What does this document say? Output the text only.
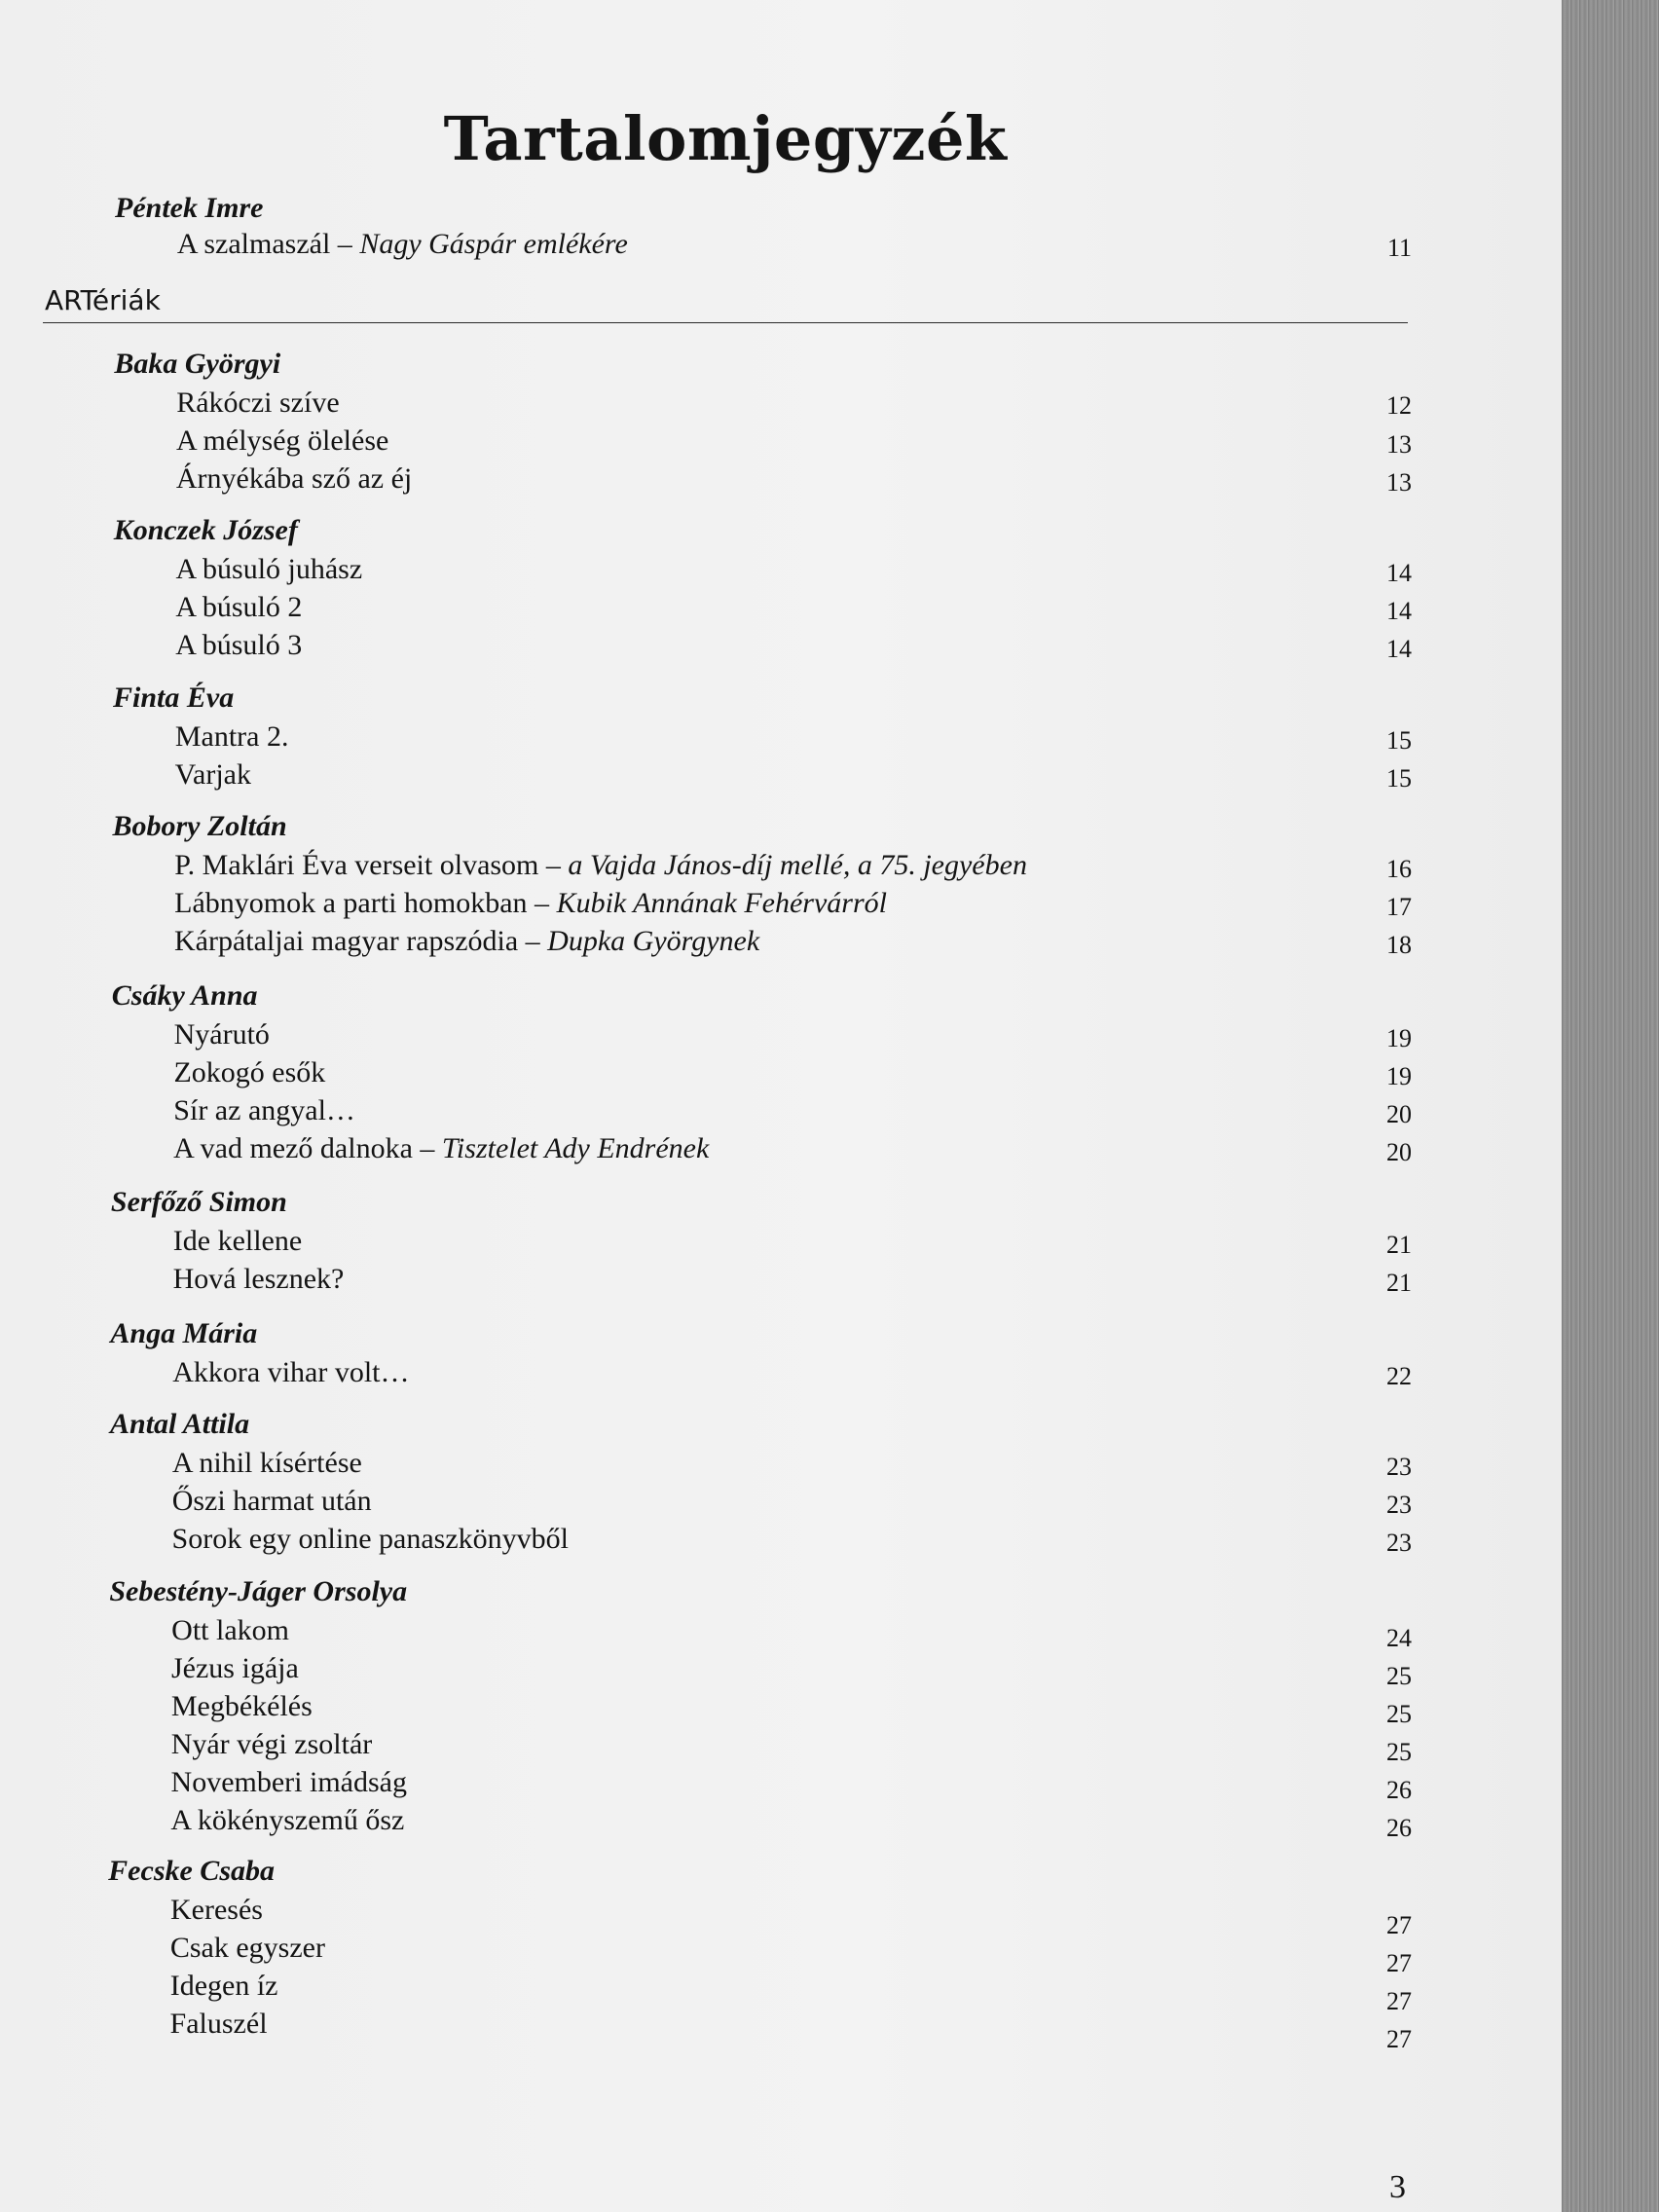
Tartalomjegyzék
ARTériák
Péntek Imre
A szalmaszál – Nagy Gáspár emlékére	11
Baka Györgyi
Rákóczi szíve	12
A mélység ölelése	13
Árnyékába sző az éj	13
Konczek József
A búsuló juhász	14
A búsuló 2	14
A búsuló 3	14
Finta Éva
Mantra 2.	15
Varjak	15
Bobory Zoltán
P. Maklári Éva verseit olvasom – a Vajda János-díj mellé, a 75. jegyében	16
Lábnyomok a parti homokban – Kubik Annának Fehérvárról	17
Kárpátaljai magyar rapszódia – Dupka Györgynek	18
Csáky Anna
Nyárutó	19
Zokogó esők	19
Sír az angyal…	20
A vad mező dalnoka – Tisztelet Ady Endrének	20
Serfőző Simon
Ide kellene	21
Hová lesznek?	21
Anga Mária
Akkora vihar volt…	22
Antal Attila
A nihil kísértése	23
Őszi harmat után	23
Sorok egy online panaszkönyvből	23
Sebestény-Jáger Orsolya
Ott lakom	24
Jézus igája	25
Megbékélés	25
Nyár végi zsoltár	25
Novemberi imádság	26
A kökényszemű ősz	26
Fecske Csaba
Keresés	27
Csak egyszer	27
Idegen íz	27
Faluszél	27
3
